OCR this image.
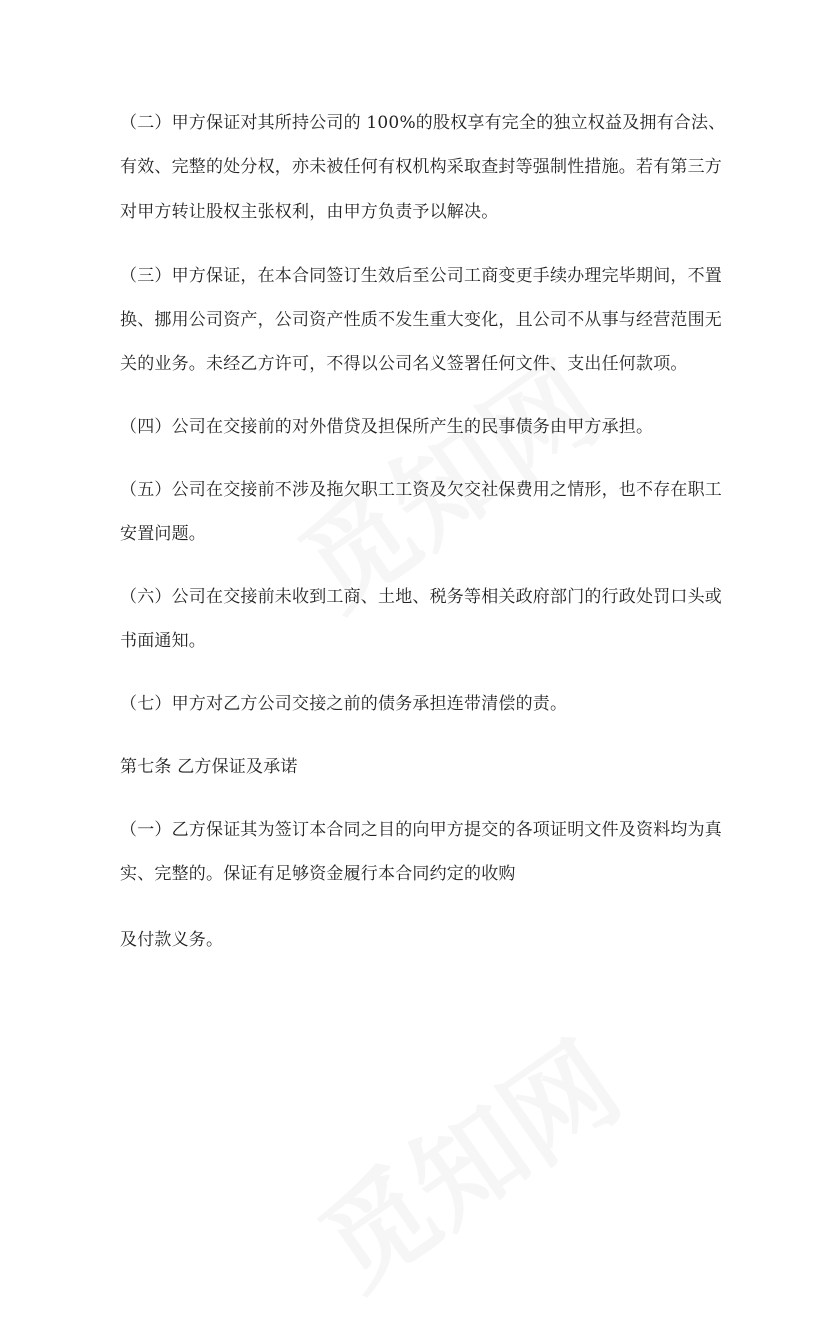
（二）甲方保证对其所持公司的 100%的股权享有完全的独立权益及拥有合法、
有效、完整的处分权，亦未被任何有权机构采取查封等强制性措施。若有第三方
对甲方转让股权主张权利，由甲方负责予以解决。
（三）甲方保证，在本合同签订生效后至公司工商变更手续办理完毕期间，不置
换、挪用公司资产，公司资产性质不发生重大变化，且公司不从事与经营范围无
关的业务。未经乙方许可，不得以公司名义签署任何文件、支出任何款项。
（四）公司在交接前的对外借贷及担保所产生的民事债务由甲方承担。
（五）公司在交接前不涉及拖欠职工工资及欠交社保费用之情形，也不存在职工
安置问题。
（六）公司在交接前未收到工商、土地、税务等相关政府部门的行政处罚口头或
书面通知。
（七）甲方对乙方公司交接之前的债务承担连带清偿的责。
第七条 乙方保证及承诺
（一）乙方保证其为签订本合同之目的向甲方提交的各项证明文件及资料均为真
实、完整的。保证有足够资金履行本合同约定的收购
及付款义务。
